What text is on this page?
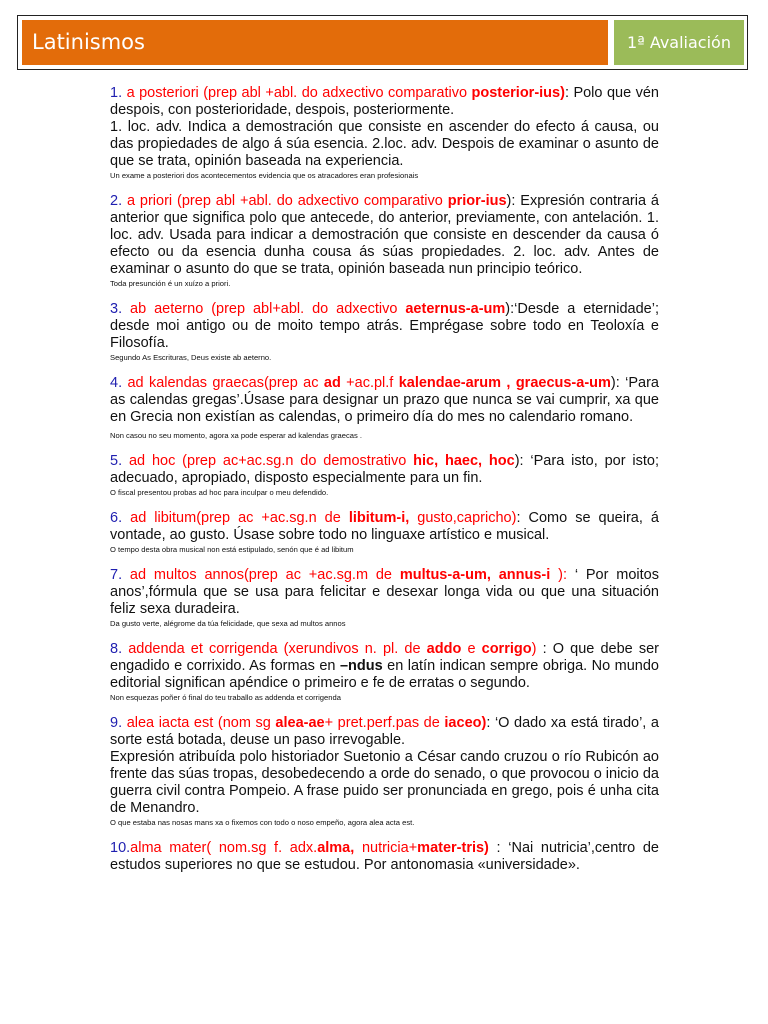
Latinismos	1ª Avaliación

1. a posteriori (prep abl +abl. do adxectivo comparativo posterior-ius): Polo que vén despois, con posterioridade, despois, posteriormente.

1. loc. adv. Indica a demostración que consiste en ascender do efecto á causa, ou das propiedades de algo á súa esencia. 2.loc. adv. Despois de examinar o asunto de que se trata, opinión baseada na experiencia.

Un exame a posteriori dos acontecementos evidencia que os atracadores eran profesionais

2. a priori (prep abl +abl. do adxectivo comparativo prior-ius): Expresión contraria á anterior que significa polo que antecede, do anterior, previamente, con antelación. 1. loc. adv. Usada para indicar a demostración que consiste en descender da causa ó efecto ou da esencia dunha cousa ás súas propiedades. 2. loc. adv. Antes de examinar o asunto do que se trata, opinión baseada nun principio teórico.

Toda presunción é un xuízo a priori.

3. ab aeterno (prep abl+abl. do adxectivo aeternus-a-um):‘Desde a eternidade’; desde moi antigo ou de moito tempo atrás. Emprégase sobre todo en Teoloxía e Filosofía.

Segundo As Escrituras, Deus existe ab aeterno.

4. ad kalendas graecas(prep ac ad +ac.pl.f kalendae-arum , graecus-a-um): ‘Para as calendas gregas’.Úsase para designar un prazo que nunca se vai cumprir, xa que en Grecia non existían as calendas, o primeiro día do mes no calendario romano.

Non casou no seu momento, agora xa pode esperar ad kalendas graecas .

5. ad hoc (prep ac+ac.sg.n do demostrativo hic, haec, hoc): ‘Para isto, por isto; adecuado, apropiado, disposto especialmente para un fin.

O fiscal presentou probas ad hoc para inculpar o meu defendido.

6. ad libitum(prep ac +ac.sg.n de libitum-i, gusto,capricho): Como se queira, á vontade, ao gusto. Úsase sobre todo no linguaxe artístico e musical.

O tempo desta obra musical non está estipulado, senón que é ad libitum

7. ad multos annos(prep ac +ac.sg.m de multus-a-um, annus-i ): ‘ Por moitos anos’,fórmula que se usa para felicitar e desexar longa vida ou que una situación feliz sexa duradeira.

Da gusto verte, alégrome da túa felicidade, que sexa ad multos annos

8. addenda et corrigenda (xerundivos n. pl. de addo e corrigo) : O que debe ser engadido e corrixido. As formas en –ndus en latín indican sempre obriga. No mundo editorial significan apéndice o primeiro e fe de erratas o segundo.

Non esquezas poñer ó final do teu traballo as addenda et corrigenda

9. alea iacta est (nom sg alea-ae+ pret.perf.pas de iaceo): ‘O dado xa está tirado’, a sorte está botada, deuse un paso irrevogable.

Expresión atribuída polo historiador Suetonio a César cando cruzou o río Rubicón ao frente das súas tropas, desobedecendo a orde do senado, o que provocou o inicio da guerra civil contra Pompeio. A frase puido ser pronunciada en grego, pois é unha cita de Menandro.

O que estaba nas nosas mans xa o fixemos con todo o noso empeño, agora alea acta est.

10.alma mater( nom.sg f. adx.alma, nutricia+mater-tris) : ‘Nai nutricia’,centro de estudos superiores no que se estudou. Por antonomasia «universidade».
